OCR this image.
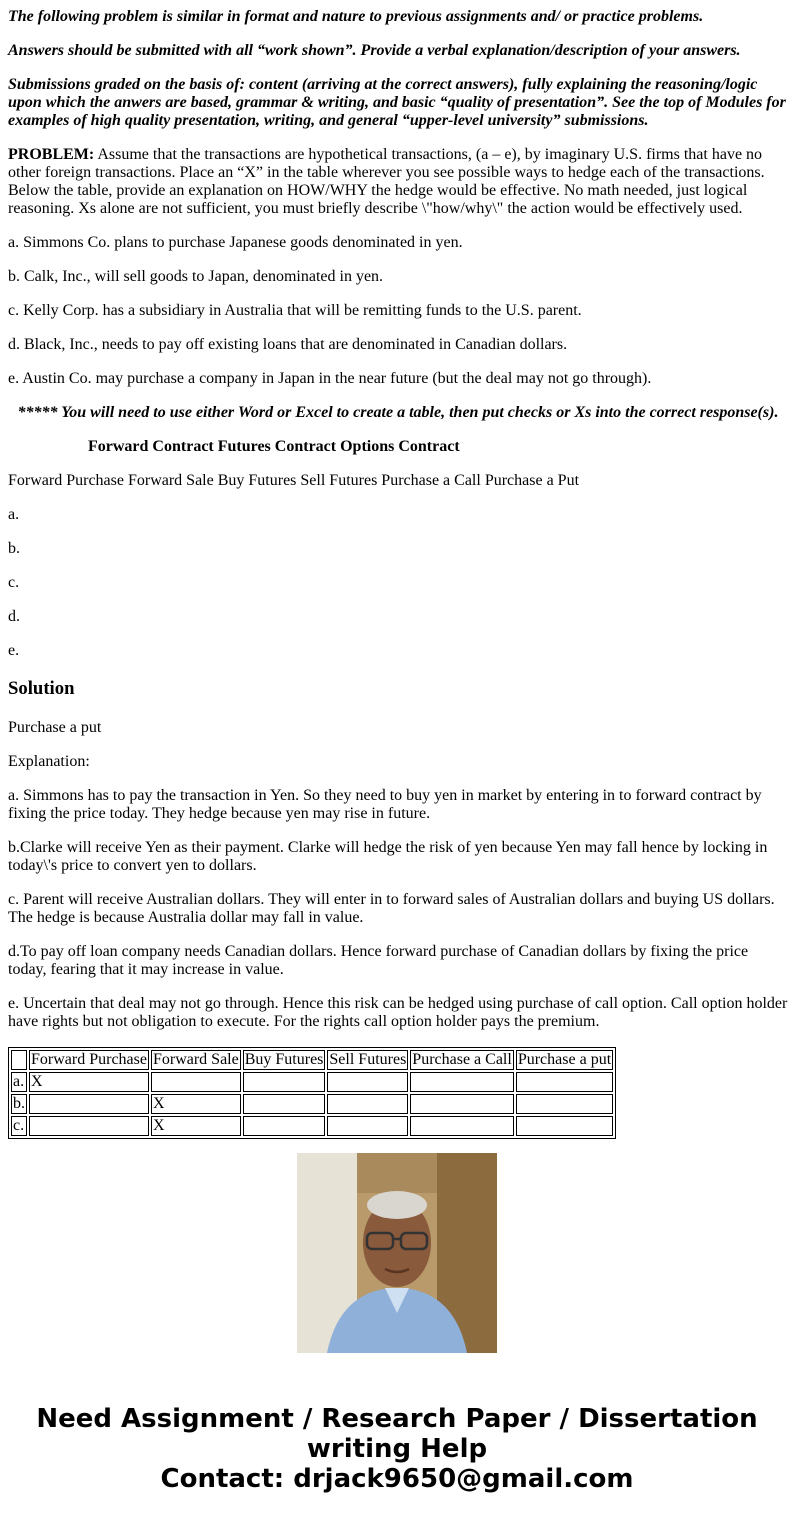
The following problem is similar in format and nature to previous assignments and/ or practice problems.

Answers should be submitted with all “work shown”. Provide a verbal explanation/description of your answers.

Submissions graded on the basis of: content (arriving at the correct answers), fully explaining the reasoning/logic upon which the anwers are based, grammar & writing, and basic “quality of presentation”. See the top of Modules for examples of high quality presentation, writing, and general “upper-level university” submissions.

PROBLEM: Assume that the transactions are hypothetical transactions, (a – e), by imaginary U.S. firms that have no other foreign transactions. Place an “X” in the table wherever you see possible ways to hedge each of the transactions. Below the table, provide an explanation on HOW/WHY the hedge would be effective. No math needed, just logical reasoning. Xs alone are not sufficient, you must briefly describe \"how/why\" the action would be effectively used.

a. Simmons Co. plans to purchase Japanese goods denominated in yen.

b. Calk, Inc., will sell goods to Japan, denominated in yen.

c. Kelly Corp. has a subsidiary in Australia that will be remitting funds to the U.S. parent.

d. Black, Inc., needs to pay off existing loans that are denominated in Canadian dollars.

e. Austin Co. may purchase a company in Japan in the near future (but the deal may not go through).

***** You will need to use either Word or Excel to create a table, then put checks or Xs into the correct response(s).

Forward Contract Futures Contract Options Contract

Forward Purchase Forward Sale Buy Futures Sell Futures Purchase a Call Purchase a Put

a.

b.

c.

d.

e.

Solution

Purchase a put

Explanation:

a. Simmons has to pay the transaction in Yen. So they need to buy yen in market by entering in to forward contract by fixing the price today. They hedge because yen may rise in future.

b.Clarke will receive Yen as their payment. Clarke will hedge the risk of yen because Yen may fall hence by locking in today\'s price to convert yen to dollars.

c. Parent will receive Australian dollars. They will enter in to forward sales of Australian dollars and buying US dollars. The hedge is because Australia dollar may fall in value.

d.To pay off loan company needs Canadian dollars. Hence forward purchase of Canadian dollars by fixing the price today, fearing that it may increase in value.

e. Uncertain that deal may not go through. Hence this risk can be hedged using purchase of call option. Call option holder have rights but not obligation to execute. For the rights call option holder pays the premium.

	Forward Purchase	Forward Sale	Buy Futures	Sell Futures	Purchase a Call	Purchase a put
a.	X					
b.		X				
c.		X				
Need Assignment / Research Paper / Dissertation
writing Help
Contact: drjack9650@gmail.com
